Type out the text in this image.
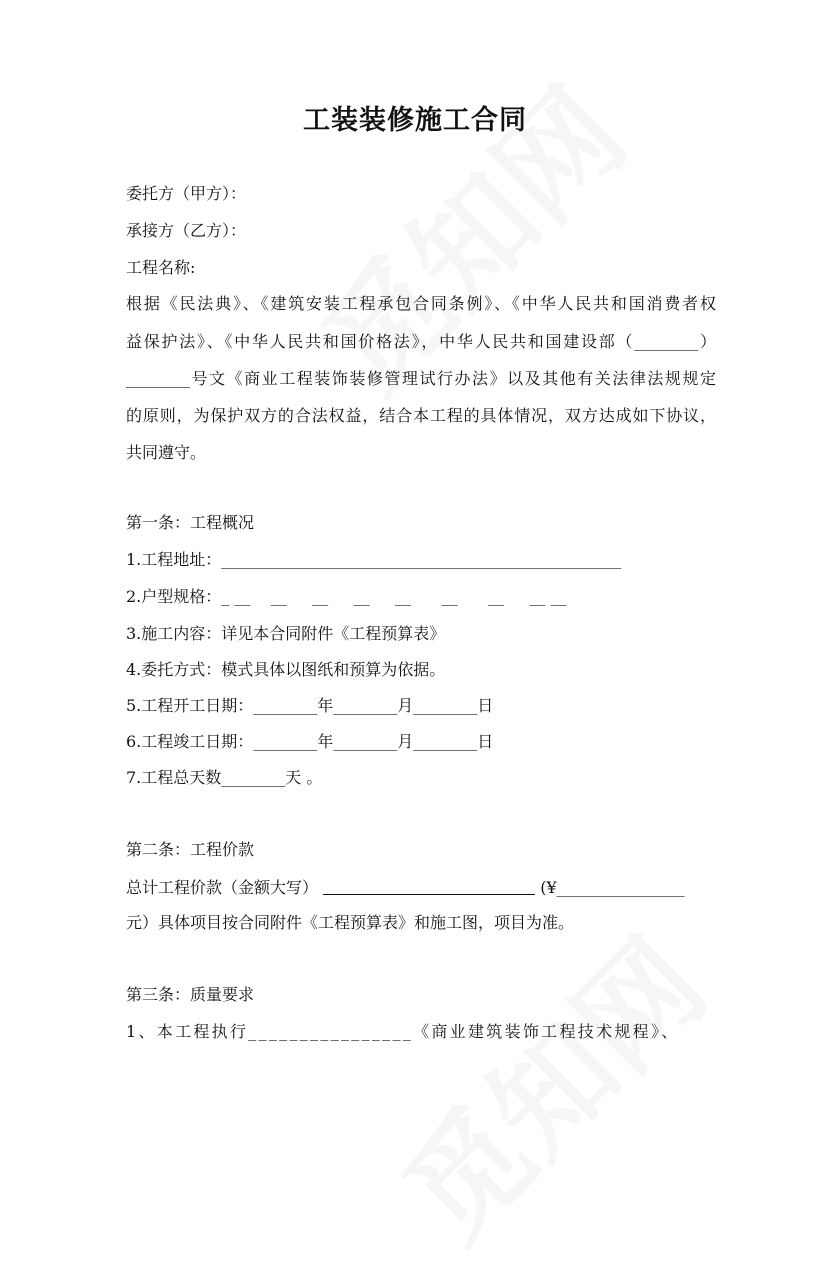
工装装修施工合同
委托方（甲方）：
承接方（乙方）：
工程名称:
根据《民法典》、《建筑安装工程承包合同条例》、《中华人民共和国消费者权
益保护法》、《中华人民共和国价格法》，中华人民共和国建设部（________）
________号文《商业工程装饰装修管理试行办法》以及其他有关法律法规规定
的原则，为保护双方的合法权益，结合本工程的具体情况，双方达成如下协议，
共同遵守。
第一条：工程概况
1.工程地址：__________________________________________________
2.户型规格：_ __    __     __     __     __      __      __     __ __
3.施工内容：详见本合同附件《工程预算表》
4.委托方式：模式具体以图纸和预算为依据。
5.工程开工日期：________年________月________日
6.工程竣工日期：________年________月________日
7.工程总天数________天 。
第二条：工程价款
总计工程价款（金额大写）	(¥________________
元）具体项目按合同附件《工程预算表》和施工图，项目为准。
第三条：质量要求
1、本工程执行________________《商业建筑装饰工程技术规程》、
